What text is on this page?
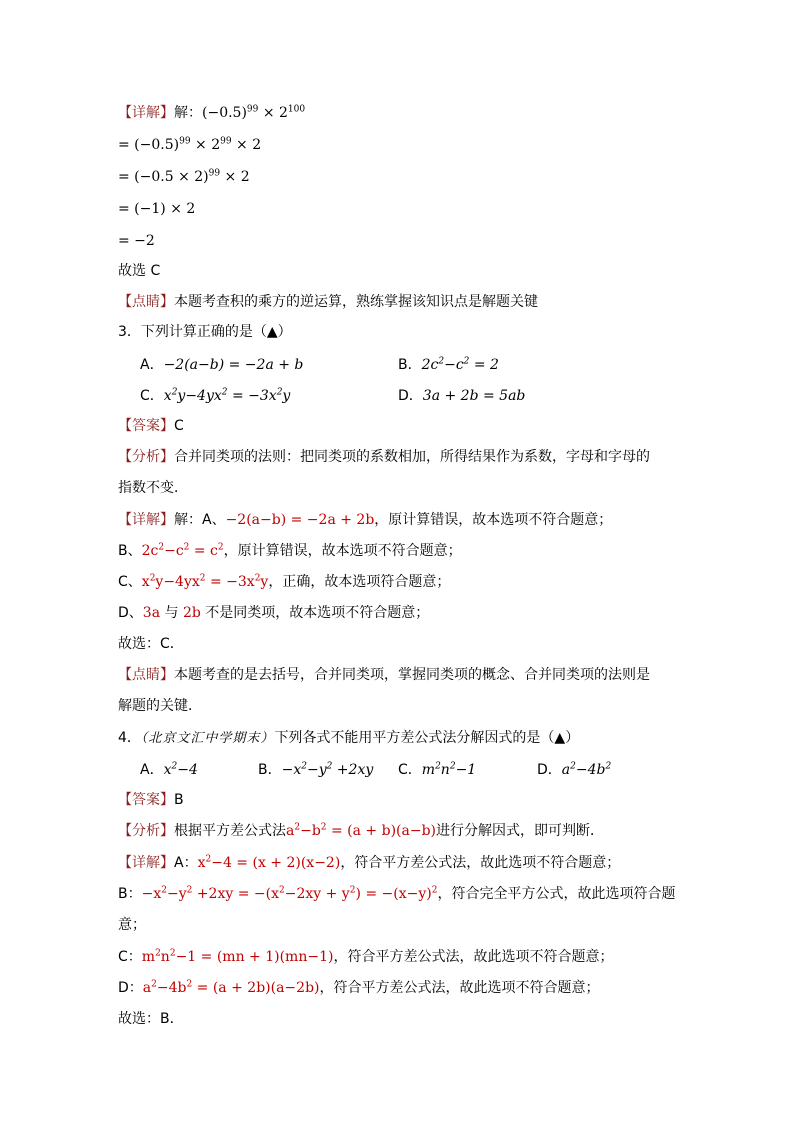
【详解】解：$(-0.5)^{99} \times 2^{100}$
= $(-0.5)^{99} \times 2^{99} \times 2$
= $(-0.5 \times 2)^{99} \times 2$
= (−1) × 2
= −2
故选 C
【点睛】本题考查积的乘方的逆运算，熟练掌握该知识点是解题关键
3．下列计算正确的是（▲）
A．−2(a−b) = −2a + b	B．$2c^2-c^2 = 2$
C．$x^2y-4yx^2 = -3x^2y$	D．3a + 2b = 5ab
【答案】C
【分析】合并同类项的法则：把同类项的系数相加，所得结果作为系数，字母和字母的
指数不变．
【详解】解：A、−2(a−b) = −2a + 2b，原计算错误，故本选项不符合题意；
B、$2c^2-c^2 = c^2$，原计算错误，故本选项不符合题意；
C、$x^2y-4yx^2 = -3x^2y$，正确，故本选项符合题意；
D、3a 与 2b 不是同类项，故本选项不符合题意；
故选：C．
【点睛】本题考查的是去括号，合并同类项，掌握同类项的概念、合并同类项的法则是
解题的关键．
4．（北京文汇中学期末）下列各式不能用平方差公式法分解因式的是（▲）
A．$x^2-4$	B．$-x^2-y^2 +2xy$ C．$m^2n^2-1$	D．$a^2-4b^2$
【答案】B
【分析】根据平方差公式法$a^2-b^2 = (a + b)(a-b)$进行分解因式，即可判断．
【详解】A：$x^2-4 = (x + 2)(x-2)$，符合平方差公式法，故此选项不符合题意；
B：$-x^2-y^2 +2xy = -(x^2-2xy + y^2) = -(x-y)^2$，符合完全平方公式，故此选项符合题
意；
C：$m^2n^2-1 = (mn + 1)(mn-1)$，符合平方差公式法，故此选项不符合题意；
D：$a^2-4b^2 = (a + 2b)(a-2b)$，符合平方差公式法，故此选项不符合题意；
故选：B．
